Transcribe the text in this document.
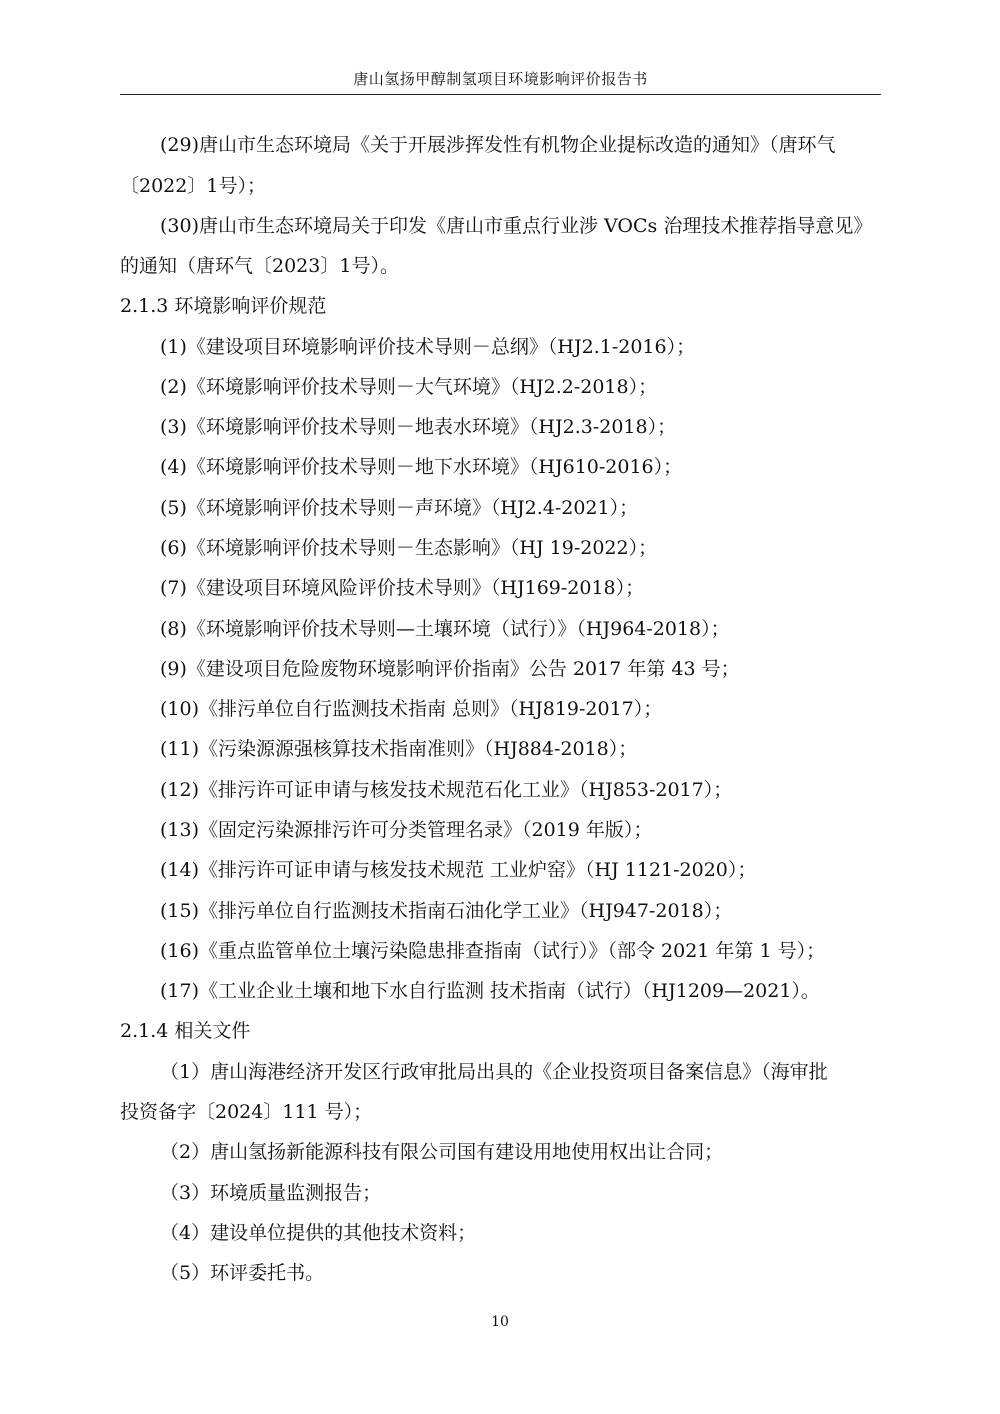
唐山氢扬甲醇制氢项目环境影响评价报告书
(29)唐山市生态环境局《关于开展涉挥发性有机物企业提标改造的通知》（唐环气
〔2022〕1号）；
(30)唐山市生态环境局关于印发《唐山市重点行业涉 VOCs 治理技术推荐指导意见》
的通知（唐环气〔2023〕1号）。
2.1.3 环境影响评价规范
(1)《建设项目环境影响评价技术导则－总纲》（HJ2.1-2016）；
(2)《环境影响评价技术导则－大气环境》（HJ2.2-2018）；
(3)《环境影响评价技术导则－地表水环境》（HJ2.3-2018）；
(4)《环境影响评价技术导则－地下水环境》（HJ610-2016）；
(5)《环境影响评价技术导则－声环境》（HJ2.4-2021）；
(6)《环境影响评价技术导则－生态影响》（HJ 19-2022）；
(7)《建设项目环境风险评价技术导则》（HJ169-2018）；
(8)《环境影响评价技术导则—土壤环境（试行）》（HJ964-2018）；
(9)《建设项目危险废物环境影响评价指南》公告 2017 年第 43 号；
(10)《排污单位自行监测技术指南 总则》（HJ819-2017）；
(11)《污染源源强核算技术指南准则》（HJ884-2018）；
(12)《排污许可证申请与核发技术规范石化工业》（HJ853-2017）；
(13)《固定污染源排污许可分类管理名录》（2019 年版）；
(14)《排污许可证申请与核发技术规范 工业炉窑》（HJ 1121-2020）；
(15)《排污单位自行监测技术指南石油化学工业》（HJ947-2018）；
(16)《重点监管单位土壤污染隐患排查指南（试行）》（部令 2021 年第 1 号）；
(17)《工业企业土壤和地下水自行监测 技术指南（试行）（HJ1209—2021）。
2.1.4 相关文件
（1）唐山海港经济开发区行政审批局出具的《企业投资项目备案信息》（海审批
投资备字〔2024〕111 号）；
（2）唐山氢扬新能源科技有限公司国有建设用地使用权出让合同；
（3）环境质量监测报告；
（4）建设单位提供的其他技术资料；
（5）环评委托书。
10
